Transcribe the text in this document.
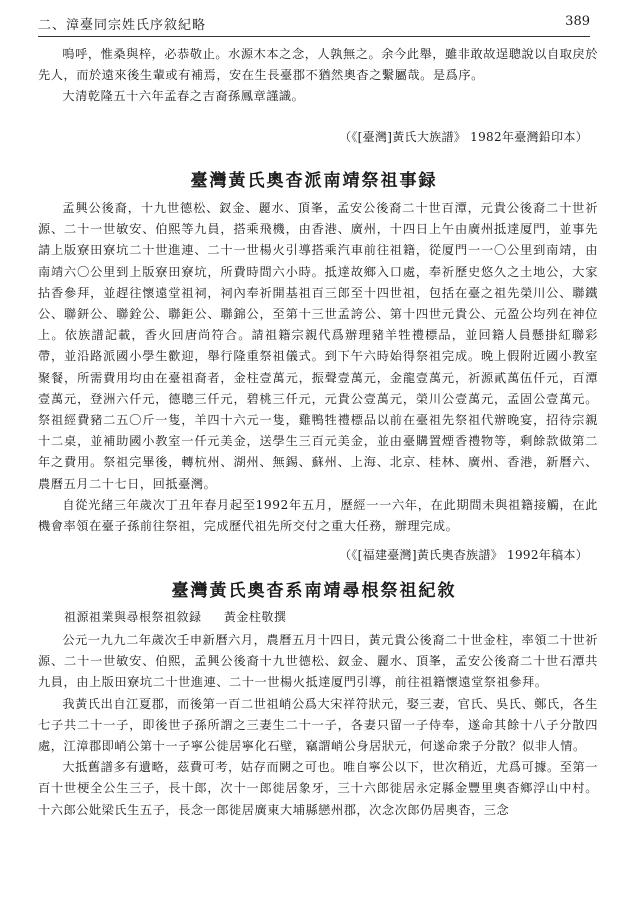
二、漳臺同宗姓氏序敘紀略	389

嗚呼，惟桑與梓，必恭敬止。水源木本之念，人孰無之。余今此舉，雖非敢故逞聰說以自取戾於先人，而於遠來後生輩或有補焉，安在生長臺郡不猶然奧杳之繫屬哉。是爲序。

大清乾隆五十六年孟春之吉裔孫鳳章謹識。

（《[臺灣]黃氏大族譜》 1982年臺灣鉛印本）
臺灣黃氏奧杳派南靖祭祖事録

孟興公後裔，十九世德松、釵金、麗水、頂峯，孟安公後裔二十世百潭，元貴公後裔二十世祈源、二十一世敏安、伯熙等九員，搭乘飛機，由香港、廣州，十四日上午由廣州抵達厦門，並事先請上版寮田寮坑二十世進連、二十一世楊火引導搭乘汽車前往祖籍，從厦門一一〇公里到南靖，由南靖六〇公里到上版寮田寮坑，所費時間六小時。抵達故鄉入口處，奉祈歷史悠久之土地公，大家拈香參拜，並趕往懷遠堂祖祠，祠內奉祈開基祖百三郎至十四世祖，包括在臺之祖先榮川公、聯鐵公、聯鈃公、聯銓公、聯鉅公、聯錦公，至第十三世孟誇公、第十四世元貴公、元盈公均列在神位上。依族譜記載，香火回唐尚符合。請祖籍宗親代爲辦理豬羊牲禮標品，並回籍人員懸掛紅聯彩帶，並沿路派國小學生歡迎，舉行隆重祭祖儀式。到下午六時始得祭祖完成。晚上假附近國小教室聚餐，所需費用均由在臺祖裔者，金柱壹萬元，振聲壹萬元，金龍壹萬元，祈源貳萬伍仟元，百潭壹萬元，登洲六仟元，德聰三仟元，碧桃三仟元，元貴公壹萬元，榮川公壹萬元，孟固公壹萬元。祭祖經費豬二五〇斤一隻，羊四十六元一隻，雞鴨牲禮標品以前在臺祖先祭祖代辦晚宴，招待宗親十二桌，並補助國小教室一仟元美金，送學生三百元美金，並由臺購置煙香禮物等，剩餘款做第二年之費用。祭祖完畢後，轉杭州、湖州、無錫、蘇州、上海、北京、桂林、廣州、香港，新曆六、農曆五月二十七日，回抵臺灣。

自從光緒三年歲次丁丑年春月起至1992年五月，歷經一一六年，在此期間未與祖籍接觸，在此機會率領在臺子孫前往祭祖，完成歷代祖先所交付之重大任務，辦理完成。

（《[福建臺灣]黃氏奧杳族譜》 1992年稿本）
臺灣黃氏奧杳系南靖尋根祭祖紀敘
祖源祖業與尋根祭祖敘録 黃金柱敬撰

公元一九九二年歲次壬申新曆六月，農曆五月十四日，黃元貴公後裔二十世金柱，率領二十世祈源、二十一世敏安、伯熙，孟興公後裔十九世德松、釵金、麗水、頂峯，孟安公後裔二十世石潭共九員，由上版田寮坑二十世進連、二十一世楊火抵達厦門引導，前往祖籍懷遠堂祭祖參拜。

我黃氏出自江夏郡，而後第一百二世祖峭公爲大宋祥符狀元，娶三妻，官氏、吳氏、鄭氏，各生七子共二十一子，即後世子孫所謂之三妻生二十一子，各妻只留一子侍奉，遂命其餘十八子分散四處，江漳郡即峭公第十一子寧公徙居寧化石壁，竊謂峭公身居狀元，何遂命衆子分散？似非人情。

大抵舊譜多有遺略，茲費可考，姑存而闕之可也。唯自寧公以下，世次稍近，尤爲可據。至第一百十世梗全公生三子，長十郎，次十一郎徙居象牙，三十六郎徙居永定縣金豐里奧杳鄉浮山中村。十六郎公妣梁氏生五子，長念一郎徙居廣東大埔縣戀州郡，次念次郎仍居奧杳，三念
